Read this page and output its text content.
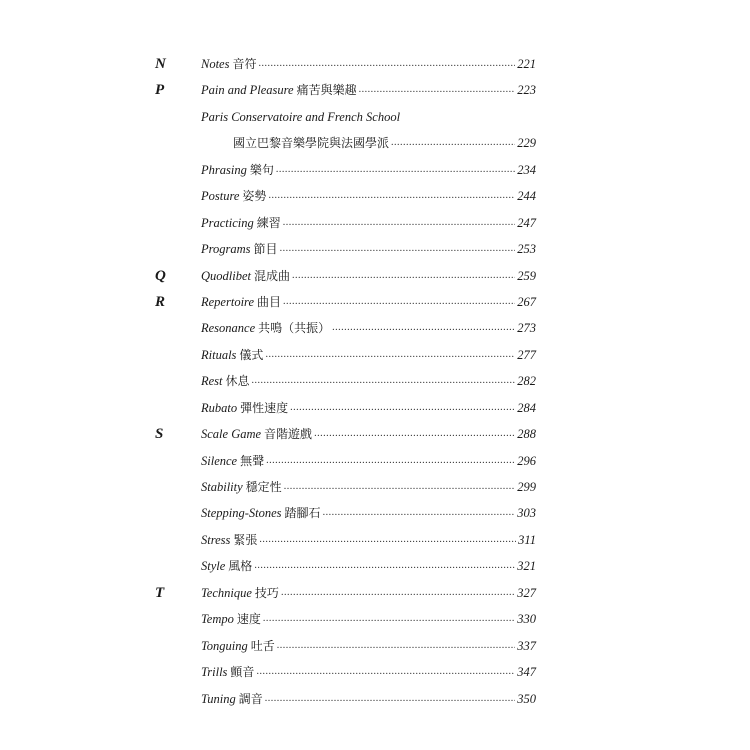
N	Notes 音符 .....	221
P	Pain and Pleasure 痛苦與樂趣 .....	223
Paris Conservatoire and French School
國立巴黎音樂學院與法國學派 .....	229
Phrasing 樂句 .....	234
Posture 姿勢 .....	244
Practicing 練習 .....	247
Programs 節目 .....	253
Q	Quodlibet 混成曲 .....	259
R	Repertoire 曲目 .....	267
Resonance 共鳴（共振） .....	273
Rituals 儀式 .....	277
Rest 休息 .....	282
Rubato 彈性速度 .....	284
S	Scale Game 音階遊戲 .....	288
Silence 無聲 .....	296
Stability 穩定性 .....	299
Stepping-Stones 踏腳石 .....	303
Stress 緊張 .....	311
Style 風格 .....	321
T	Technique 技巧 .....	327
Tempo 速度 .....	330
Tonguing 吐舌 .....	337
Trills 顫音 .....	347
Tuning 調音 .....	350
